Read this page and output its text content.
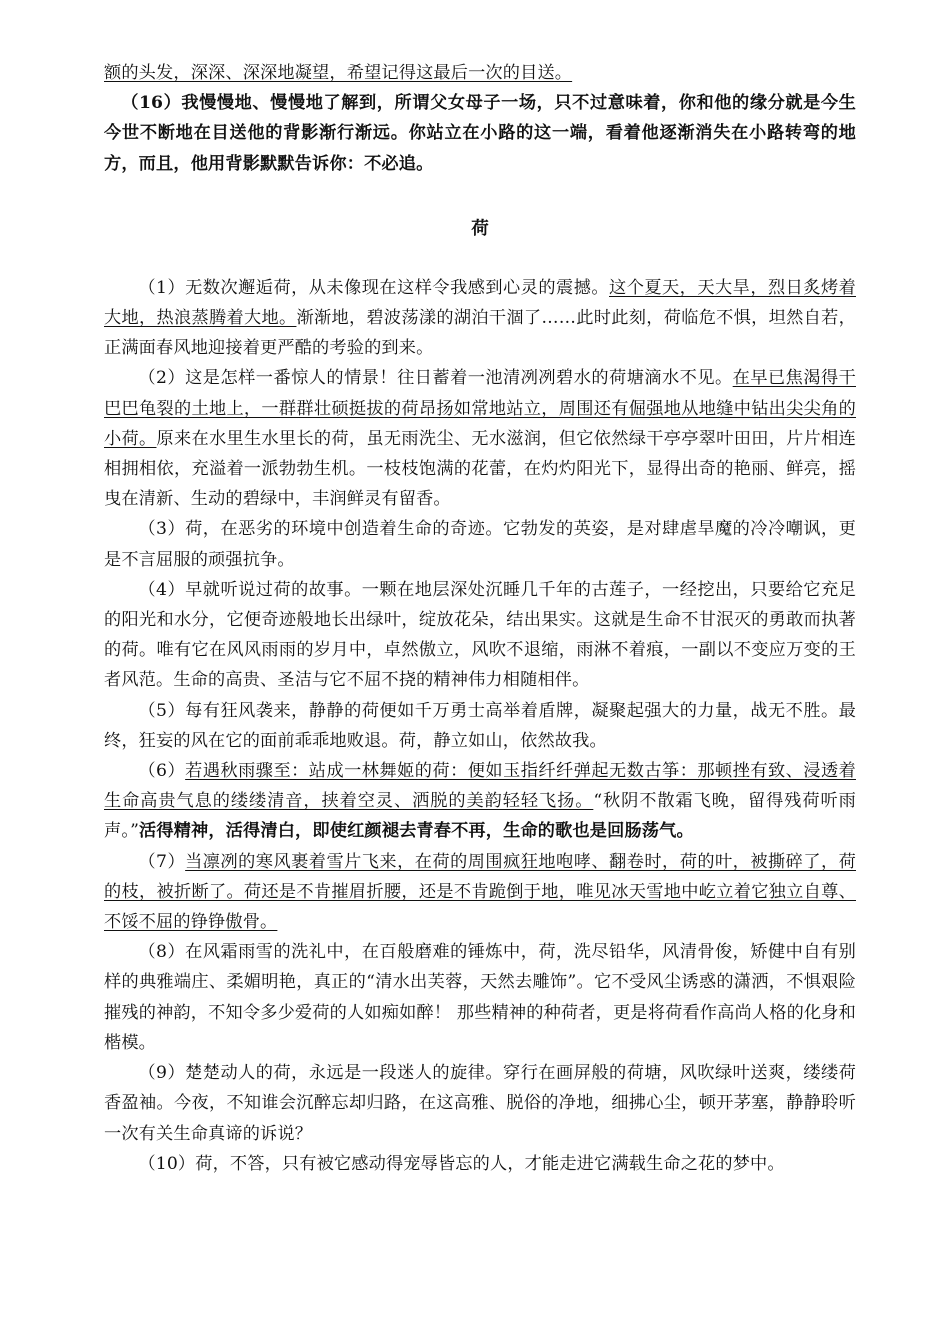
额的头发，深深、深深地凝望，希望记得这最后一次的目送。

（16）我慢慢地、慢慢地了解到，所谓父女母子一场，只不过意味着，你和他的缘分就是今生今世不断地在目送他的背影渐行渐远。你站立在小路的这一端，看着他逐渐消失在小路转弯的地方，而且，他用背影默默告诉你：不必追。

荷

（1）无数次邂逅荷，从未像现在这样令我感到心灵的震撼。这个夏天，天大旱，烈日炙烤着大地，热浪蒸腾着大地。渐渐地，碧波荡漾的湖泊干涸了……此时此刻，荷临危不惧，坦然自若，正满面春风地迎接着更严酷的考验的到来。

（2）这是怎样一番惊人的情景！往日蓄着一池清冽冽碧水的荷塘滴水不见。在早已焦渴得干巴巴龟裂的土地上，一群群壮硕挺拔的荷昂扬如常地站立，周围还有倔强地从地缝中钻出尖尖角的小荷。原来在水里生水里长的荷，虽无雨洗尘、无水滋润，但它依然绿干亭亭翠叶田田，片片相连相拥相依，充溢着一派勃勃生机。一枝枝饱满的花蕾，在灼灼阳光下，显得出奇的艳丽、鲜亮，摇曳在清新、生动的碧绿中，丰润鲜灵有留香。

（3）荷，在恶劣的环境中创造着生命的奇迹。它勃发的英姿，是对肆虐旱魔的冷冷嘲讽，更是不言屈服的顽强抗争。

（4）早就听说过荷的故事。一颗在地层深处沉睡几千年的古莲子，一经挖出，只要给它充足的阳光和水分，它便奇迹般地长出绿叶，绽放花朵，结出果实。这就是生命不甘泯灭的勇敢而执著的荷。唯有它在风风雨雨的岁月中，卓然傲立，风吹不退缩，雨淋不着痕，一副以不变应万变的王者风范。生命的高贵、圣洁与它不屈不挠的精神伟力相随相伴。

（5）每有狂风袭来，静静的荷便如千万勇士高举着盾牌，凝聚起强大的力量，战无不胜。最终，狂妄的风在它的面前乖乖地败退。荷，静立如山，依然故我。

（6）若遇秋雨骤至：站成一林舞姬的荷：便如玉指纤纤弹起无数古筝：那顿挫有致、浸透着生命高贵气息的缕缕清音，挟着空灵、洒脱的美韵轻轻飞扬。“秋阴不散霜飞晚，留得残荷听雨声。”活得精神，活得清白，即使红颜褪去青春不再，生命的歌也是回肠荡气。

（7）当凛冽的寒风裹着雪片飞来，在荷的周围疯狂地咆哮、翻卷时，荷的叶，被撕碎了，荷的枝，被折断了。荷还是不肯摧眉折腰，还是不肯跪倒于地，唯见冰天雪地中屹立着它独立自尊、不馁不屈的铮铮傲骨。

（8）在风霜雨雪的洗礼中，在百般磨难的锤炼中，荷，洗尽铅华，风清骨俊，矫健中自有别样的典雅端庄、柔媚明艳，真正的“清水出芙蓉，天然去雕饰”。它不受风尘诱惑的潇洒，不惧艰险摧残的神韵，不知令多少爱荷的人如痴如醉！ 那些精神的种荷者，更是将荷看作高尚人格的化身和楷模。

（9）楚楚动人的荷，永远是一段迷人的旋律。穿行在画屏般的荷塘，风吹绿叶送爽，缕缕荷香盈袖。今夜，不知谁会沉醉忘却归路，在这高雅、脱俗的净地，细拂心尘，顿开茅塞，静静聆听一次有关生命真谛的诉说？

（10）荷，不答，只有被它感动得宠辱皆忘的人，才能走进它满载生命之花的梦中。
